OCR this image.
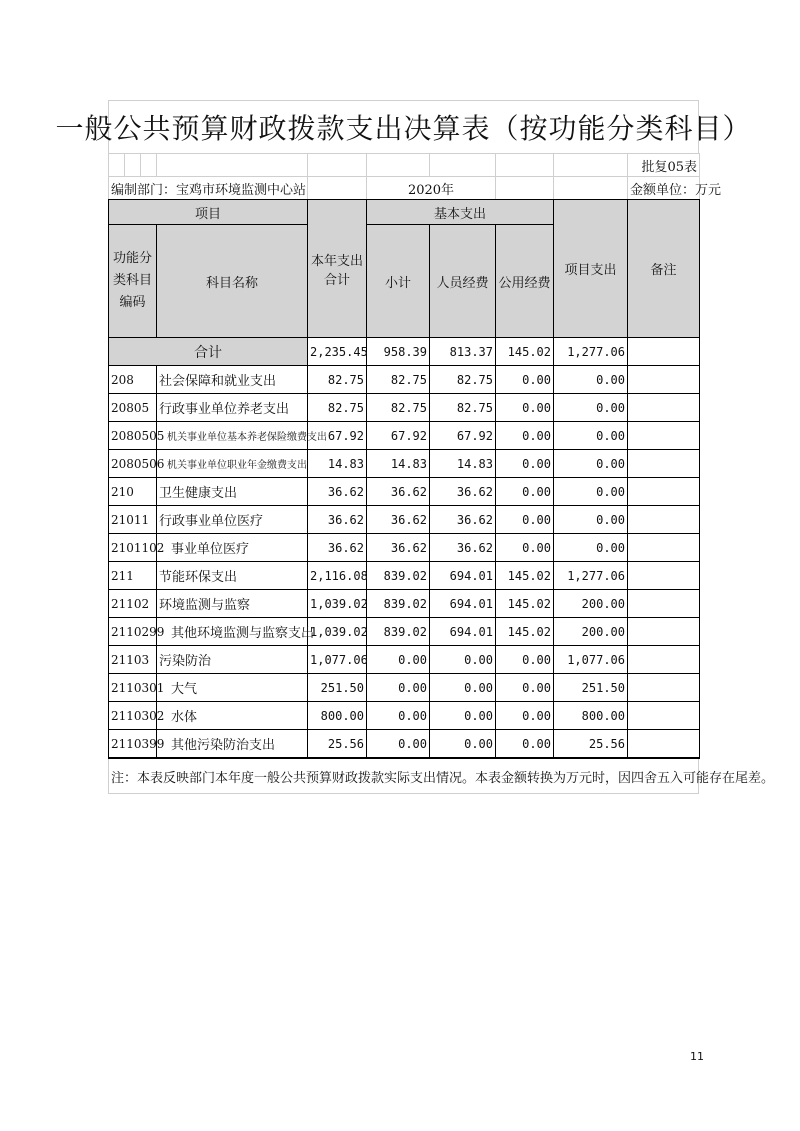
一般公共预算财政拨款支出决算表（按功能分类科目）
									批复05表
编制部门：宝鸡市环境监测中心站					2020年				金额单位：万元
项目				本年支出合计	基本支出			项目支出	备注
功能分类科目编码			科目名称		小计	人员经费	公用经费		
合计				2,235.45	958.39	813.37	145.02	1,277.06	
208			社会保障和就业支出	82.75	82.75	82.75	0.00	0.00	
20805			行政事业单位养老支出	82.75	82.75	82.75	0.00	0.00	
2080505			机关事业单位基本养老保险缴费支出	67.92	67.92	67.92	0.00	0.00	
2080506			机关事业单位职业年金缴费支出	14.83	14.83	14.83	0.00	0.00	
210			卫生健康支出	36.62	36.62	36.62	0.00	0.00	
21011			行政事业单位医疗	36.62	36.62	36.62	0.00	0.00	
2101102			事业单位医疗	36.62	36.62	36.62	0.00	0.00	
211			节能环保支出	2,116.08	839.02	694.01	145.02	1,277.06	
21102			环境监测与监察	1,039.02	839.02	694.01	145.02	200.00	
2110299			其他环境监测与监察支出	1,039.02	839.02	694.01	145.02	200.00	
21103			污染防治	1,077.06	0.00	0.00	0.00	1,077.06	
2110301			大气	251.50	0.00	0.00	0.00	251.50	
2110302			水体	800.00	0.00	0.00	0.00	800.00	
2110399			其他污染防治支出	25.56	0.00	0.00	0.00	25.56	
注：本表反映部门本年度一般公共预算财政拨款实际支出情况。本表金额转换为万元时，因四舍五入可能存在尾差。
11
